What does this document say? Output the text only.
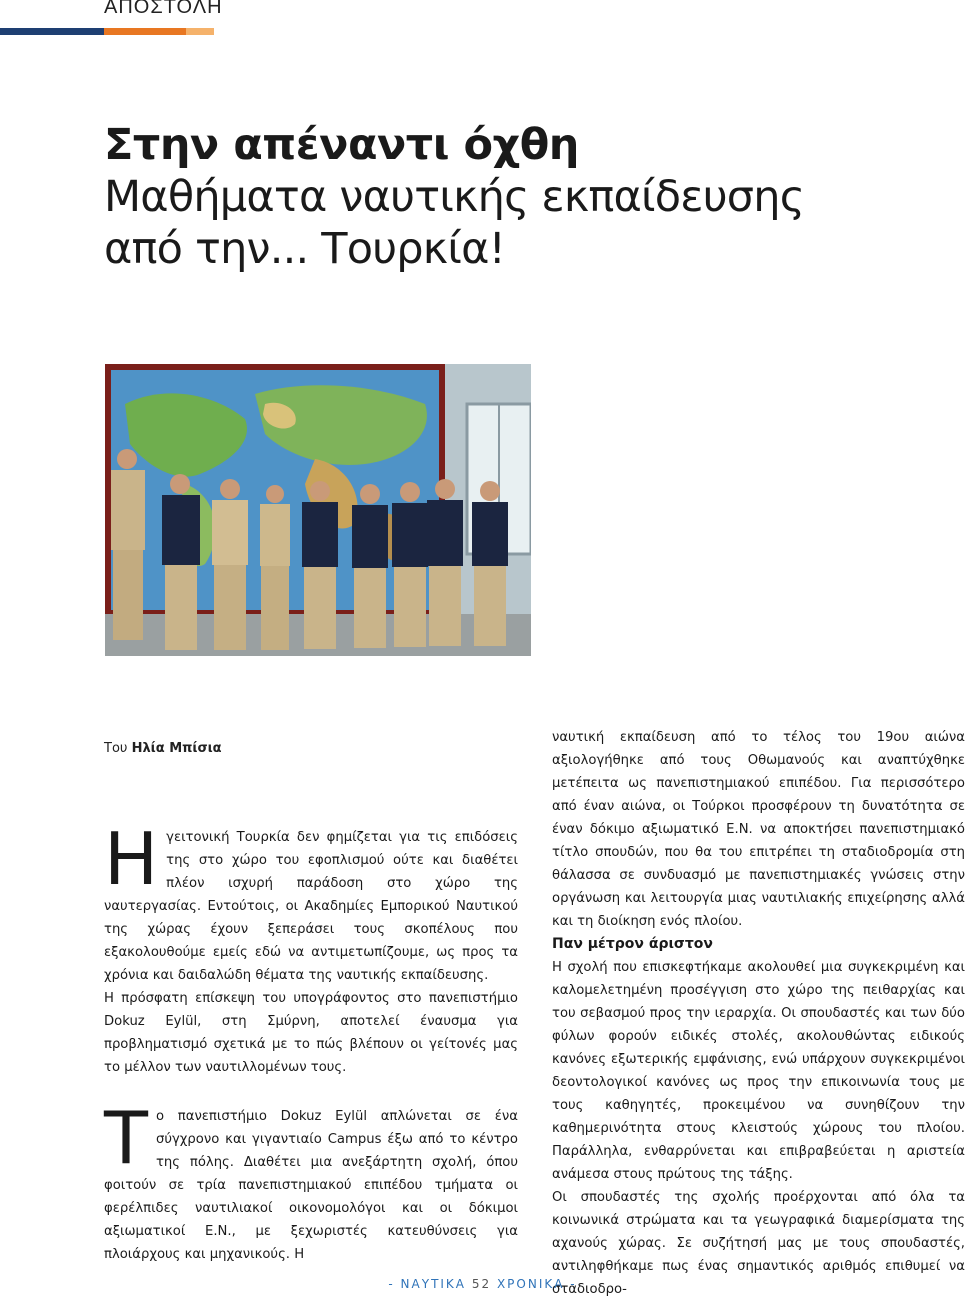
ΑΠΟΣΤΟΛΗ
Στην απέναντι όχθη
Μαθήματα ναυτικής εκπαίδευσης
από την... Τουρκία!
Του Ηλία Μπίσια

Ηγειτονική Τουρκία δεν φημίζεται για τις επιδόσεις της στο χώρο του εφοπλισμού ούτε και διαθέτει πλέον ισχυρή παράδοση στο χώρο της ναυτεργασίας. Εντούτοις, οι Ακαδημίες Εμπορικού Ναυτικού της χώρας έχουν ξεπεράσει τους σκοπέλους που εξακολουθούμε εμείς εδώ να αντιμετωπίζουμε, ως προς τα χρόνια και δαιδαλώδη θέματα της ναυτικής εκπαίδευσης.

Η πρόσφατη επίσκεψη του υπογράφοντος στο πανεπιστήμιο Dokuz Eylül, στη Σμύρνη, αποτελεί έναυσμα για προβληματισμό σχετικά με το πώς βλέπουν οι γείτονές μας το μέλλον των ναυτιλλομένων τους.

Το πανεπιστήμιο Dokuz Eylül απλώνεται σε ένα σύγχρονο και γιγαντιαίο Campus έξω από το κέντρο της πόλης. Διαθέτει μια ανεξάρτητη σχολή, όπου φοιτούν σε τρία πανεπιστημιακού επιπέδου τμήματα οι φερέλπιδες ναυτιλιακοί οικονομολόγοι και οι δόκιμοι αξιωματικοί Ε.Ν., με ξεχωριστές κατευθύνσεις για πλοιάρχους και μηχανικούς. Η

ναυτική εκπαίδευση από το τέλος του 19ου αιώνα αξιολογήθηκε από τους Οθωμανούς και αναπτύχθηκε μετέπειτα ως πανεπιστημιακού επιπέδου. Για περισσότερο από έναν αιώνα, οι Τούρκοι προσφέρουν τη δυνατότητα σε έναν δόκιμο αξιωματικό Ε.Ν. να αποκτήσει πανεπιστημιακό τίτλο σπουδών, που θα του επιτρέπει τη σταδιοδρομία στη θάλασσα σε συνδυασμό με πανεπιστημιακές γνώσεις στην οργάνωση και λειτουργία μιας ναυτιλιακής επιχείρησης αλλά και τη διοίκηση ενός πλοίου.

Παν μέτρον άριστον

Η σχολή που επισκεφτήκαμε ακολουθεί μια συγκεκριμένη και καλομελετημένη προσέγγιση στο χώρο της πειθαρχίας και του σεβασμού προς την ιεραρχία. Οι σπουδαστές και των δύο φύλων φορούν ειδικές στολές, ακολουθώντας ειδικούς κανόνες εξωτερικής εμφάνισης, ενώ υπάρχουν συγκεκριμένοι δεοντολογικοί κανόνες ως προς την επικοινωνία τους με τους καθηγητές, προκειμένου να συνηθίζουν την καθημερινότητα στους κλειστούς χώρους του πλοίου. Παράλληλα, ενθαρρύνεται και επιβραβεύεται η αριστεία ανάμεσα στους πρώτους της τάξης.

Οι σπουδαστές της σχολής προέρχονται από όλα τα κοινωνικά στρώματα και τα γεωγραφικά διαμερίσματα της αχανούς χώρας. Σε συζήτησή μας με τους σπουδαστές, αντιληφθήκαμε πως ένας σημαντικός αριθμός επιθυμεί να σταδιοδρο-

- ΝΑΥΤΙΚΑ 52 ΧΡΟΝΙΚΑ -
